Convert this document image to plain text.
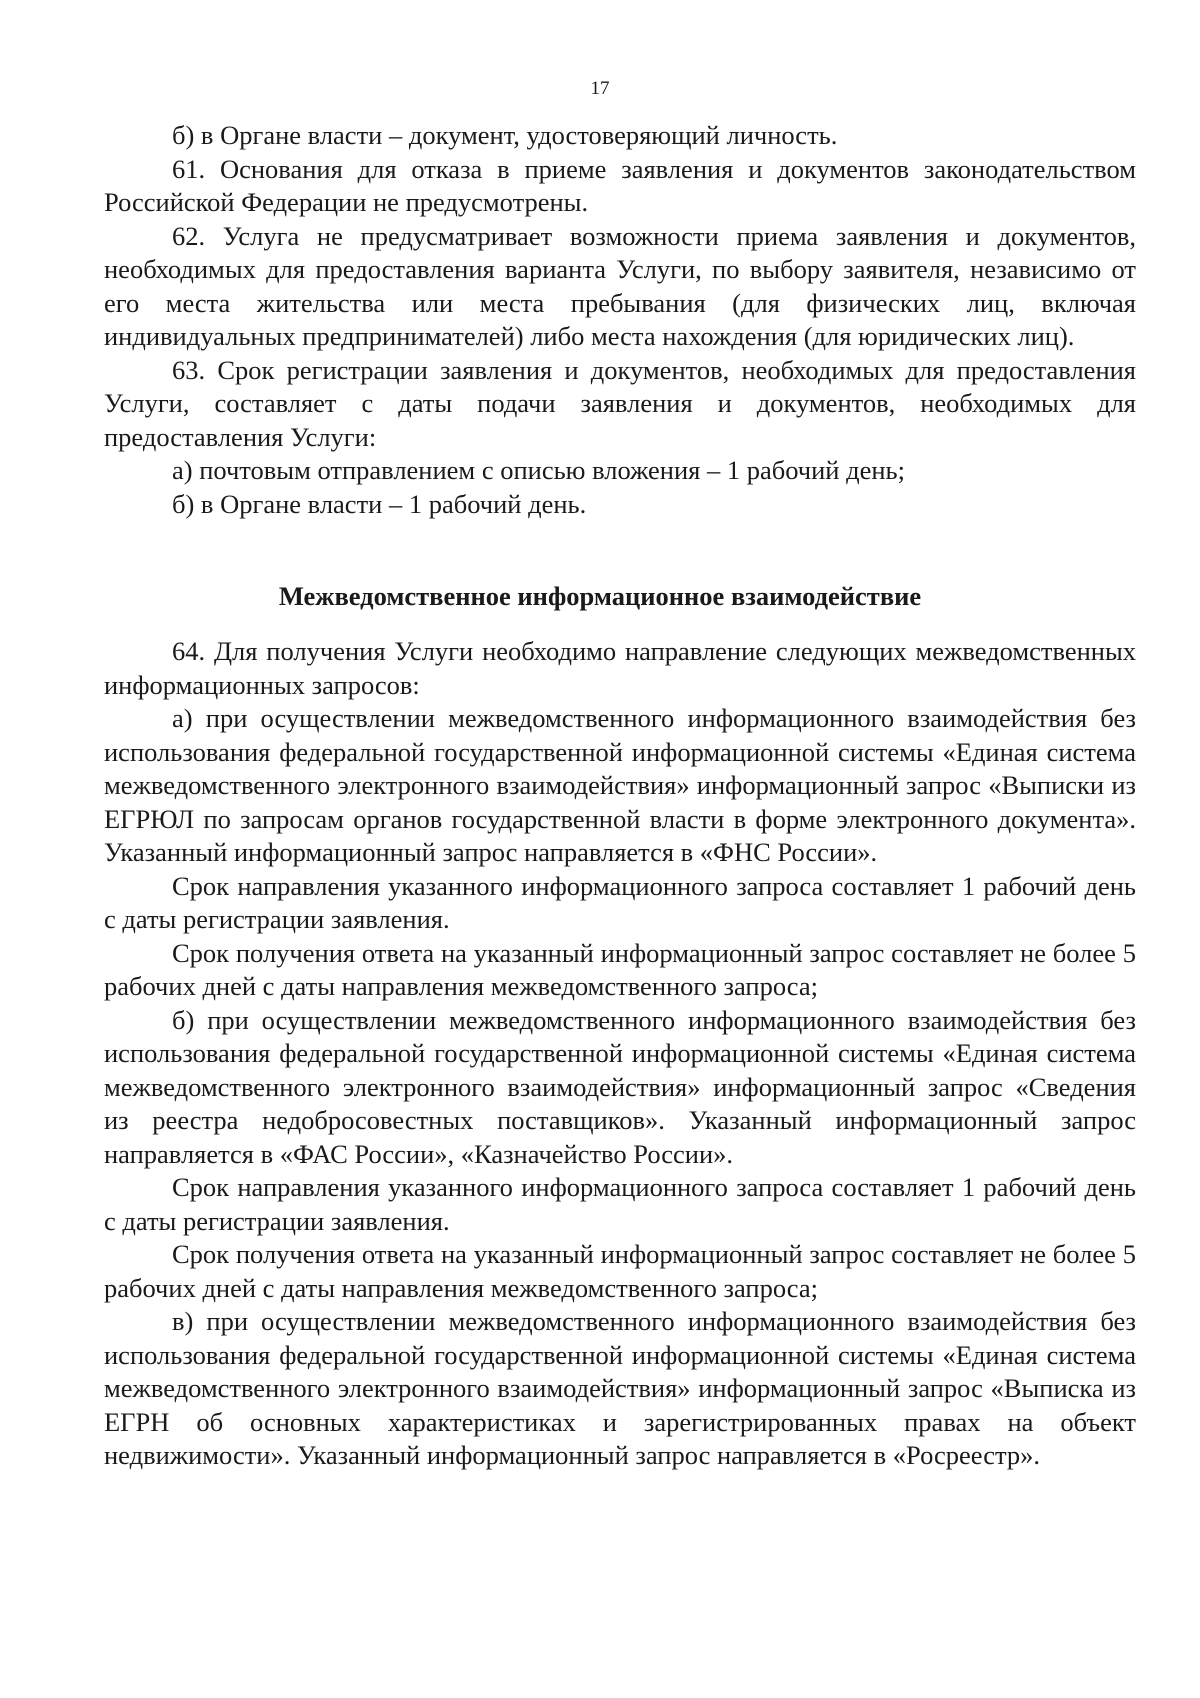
17

б) в Органе власти – документ, удостоверяющий личность.

61. Основания для отказа в приеме заявления и документов законодательством Российской Федерации не предусмотрены.

62. Услуга не предусматривает возможности приема заявления и документов, необходимых для предоставления варианта Услуги, по выбору заявителя, независимо от его места жительства или места пребывания (для физических лиц, включая индивидуальных предпринимателей) либо места нахождения (для юридических лиц).

63. Срок регистрации заявления и документов, необходимых для предоставления Услуги, составляет с даты подачи заявления и документов, необходимых для предоставления Услуги:

а) почтовым отправлением с описью вложения – 1 рабочий день;

б) в Органе власти – 1 рабочий день.

Межведомственное информационное взаимодействие

64. Для получения Услуги необходимо направление следующих межведомственных информационных запросов:

а) при осуществлении межведомственного информационного взаимодействия без использования федеральной государственной информационной системы «Единая система межведомственного электронного взаимодействия» информационный запрос «Выписки из ЕГРЮЛ по запросам органов государственной власти в форме электронного документа». Указанный информационный запрос направляется в «ФНС России».

Срок направления указанного информационного запроса составляет 1 рабочий день с даты регистрации заявления.

Срок получения ответа на указанный информационный запрос составляет не более 5 рабочих дней с даты направления межведомственного запроса;

б) при осуществлении межведомственного информационного взаимодействия без использования федеральной государственной информационной системы «Единая система межведомственного электронного взаимодействия» информационный запрос «Сведения из реестра недобросовестных поставщиков». Указанный информационный запрос направляется в «ФАС России», «Казначейство России».

Срок направления указанного информационного запроса составляет 1 рабочий день с даты регистрации заявления.

Срок получения ответа на указанный информационный запрос составляет не более 5 рабочих дней с даты направления межведомственного запроса;

в) при осуществлении межведомственного информационного взаимодействия без использования федеральной государственной информационной системы «Единая система межведомственного электронного взаимодействия» информационный запрос «Выписка из ЕГРН об основных характеристиках и зарегистрированных правах на объект недвижимости». Указанный информационный запрос направляется в «Росреестр».
